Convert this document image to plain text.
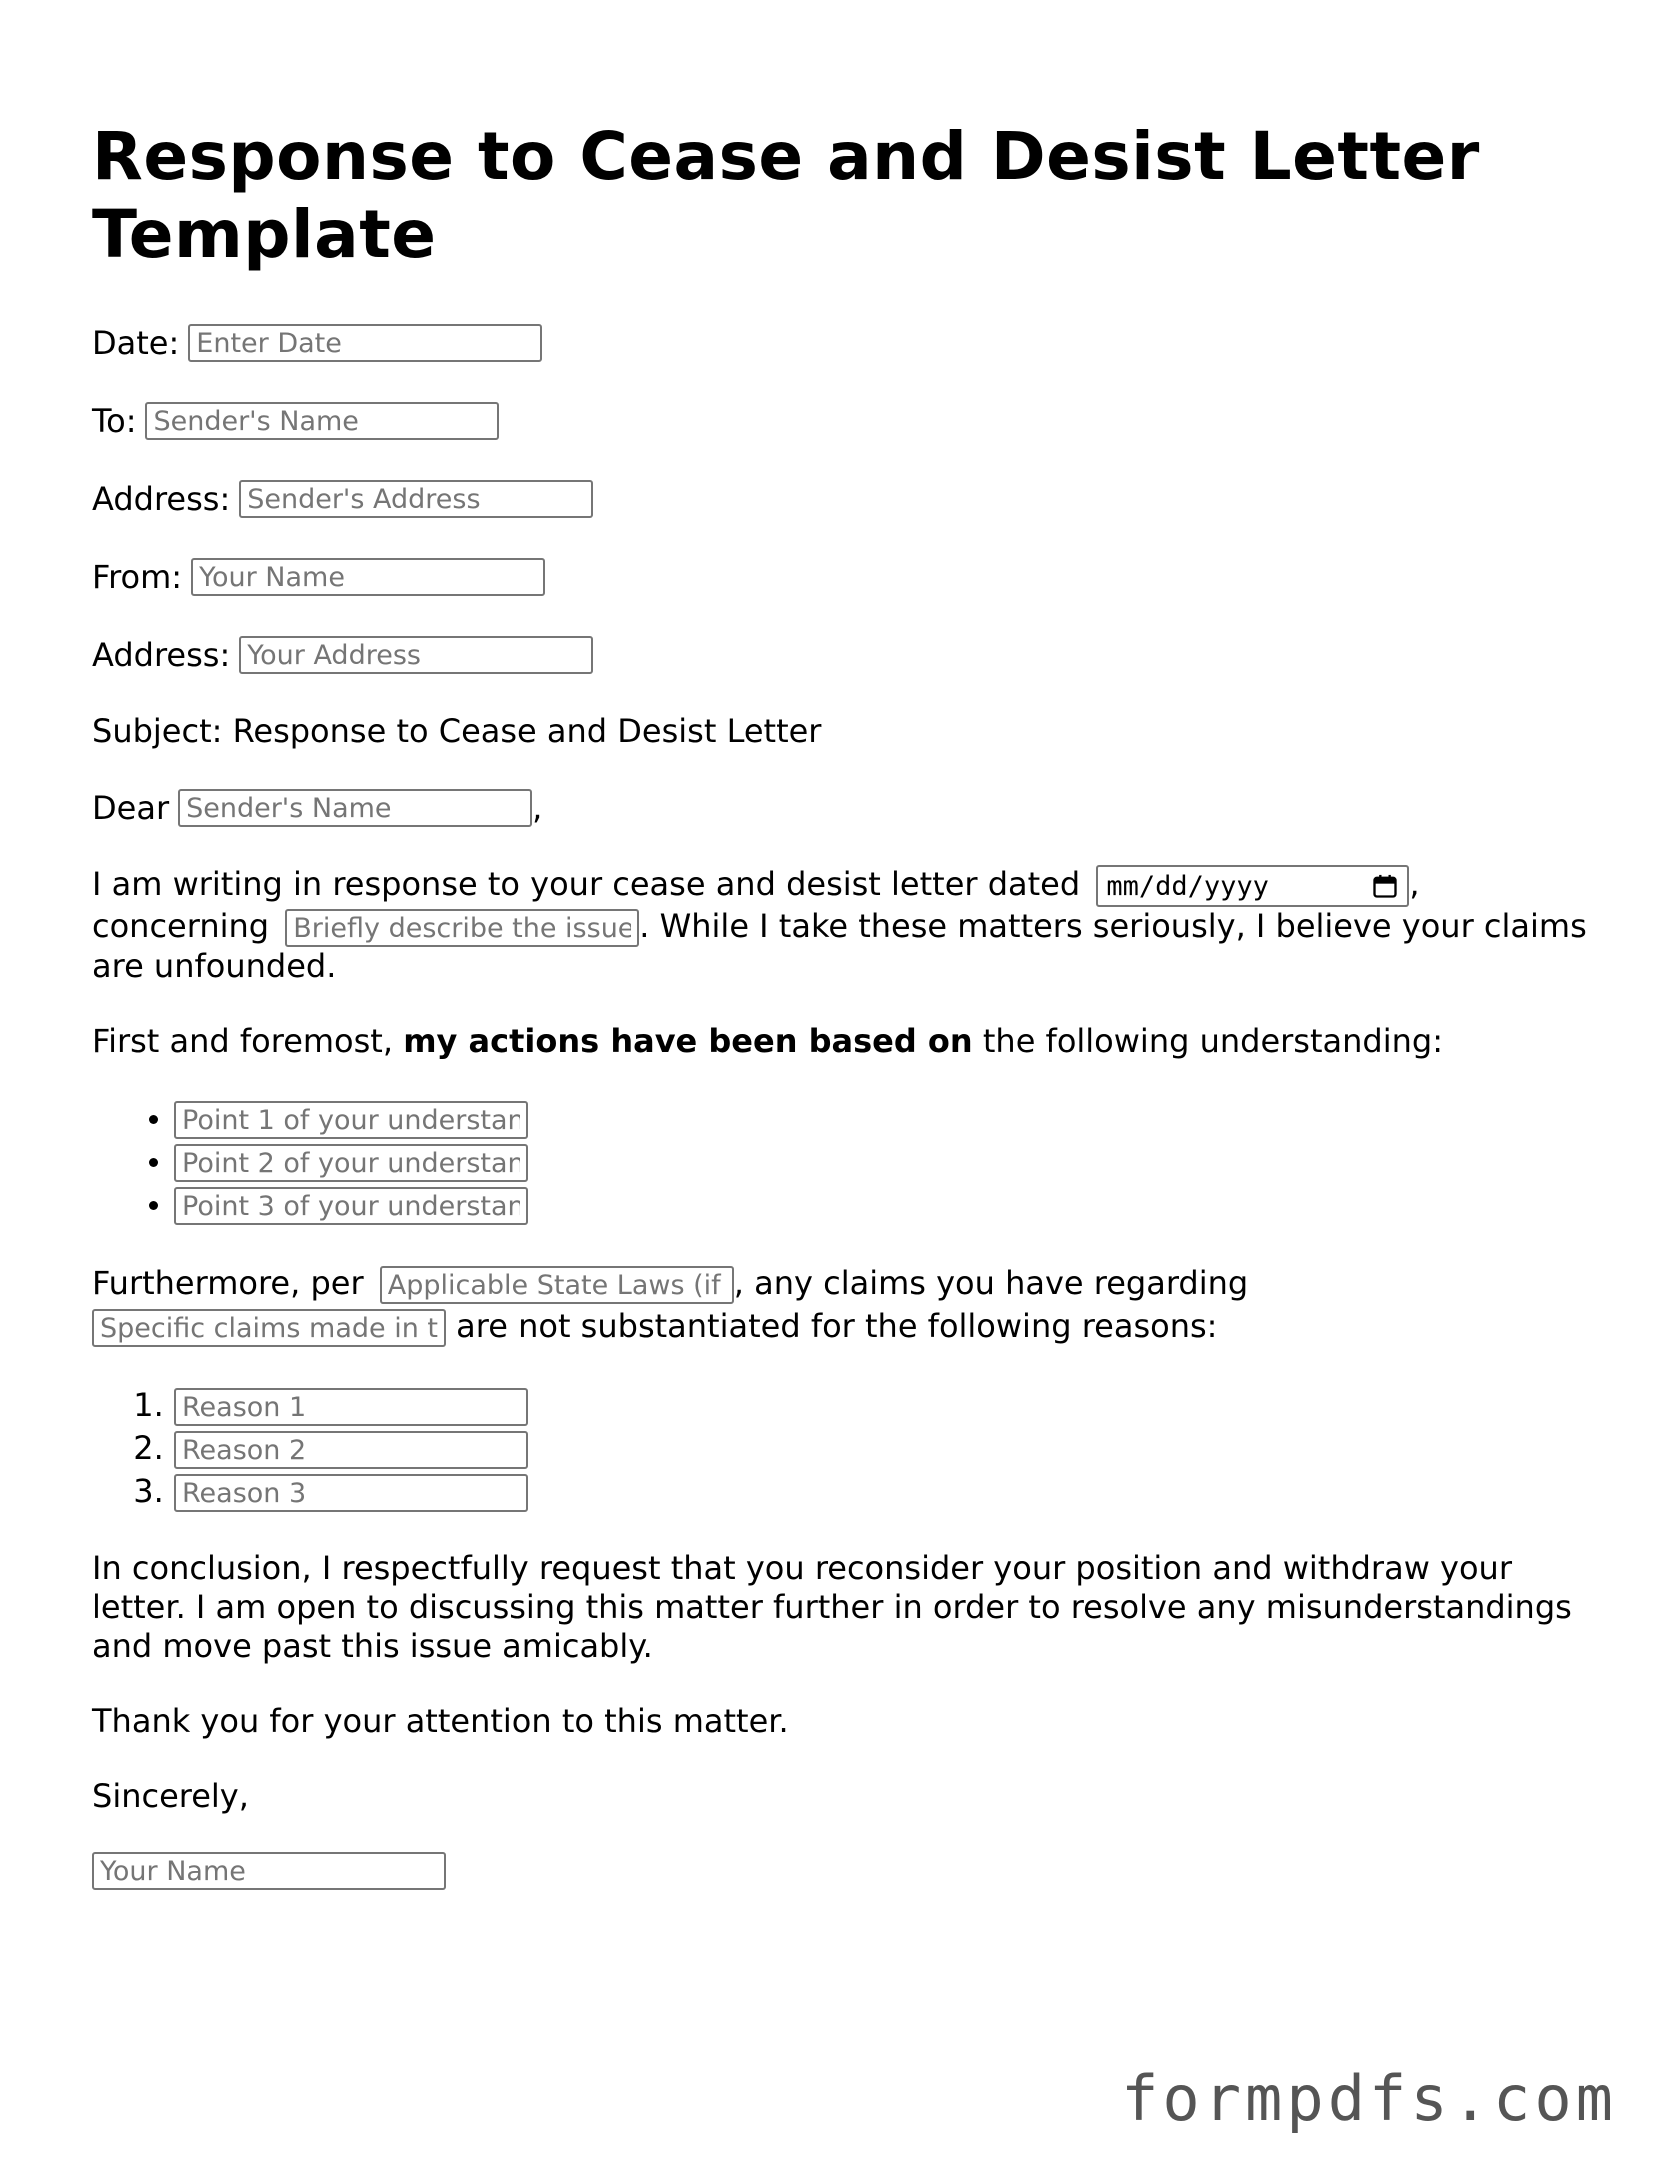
Response to Cease and Desist Letter Template
Date:
Enter Date
To:
Sender's Name
Address:
Sender's Address
From:
Your Name
Address:
Your Address

Subject: Response to Cease and Desist Letter

Dear
Sender's Name	,
I am writing in response to your cease and desist letter dated mm/dd/yyyy	,
concerning Briefly describe the issue mentioned	. While I take these matters seriously, I believe your claims are unfounded.

First and foremost, my actions have been based on the following understanding:

• Point 1 of your understanding
• Point 2 of your understanding
• Point 3 of your understanding
Furthermore, per Applicable State Laws (if any)	, any claims you have regarding
Specific claims made in the letter are not substantiated for the following reasons:
1. Reason 1
2. Reason 2
3. Reason 3

In conclusion, I respectfully request that you reconsider your position and withdraw your letter. I am open to discussing this matter further in order to resolve any misunderstandings and move past this issue amicably.

Thank you for your attention to this matter.

Sincerely,

Your Name
formpdfs.com
